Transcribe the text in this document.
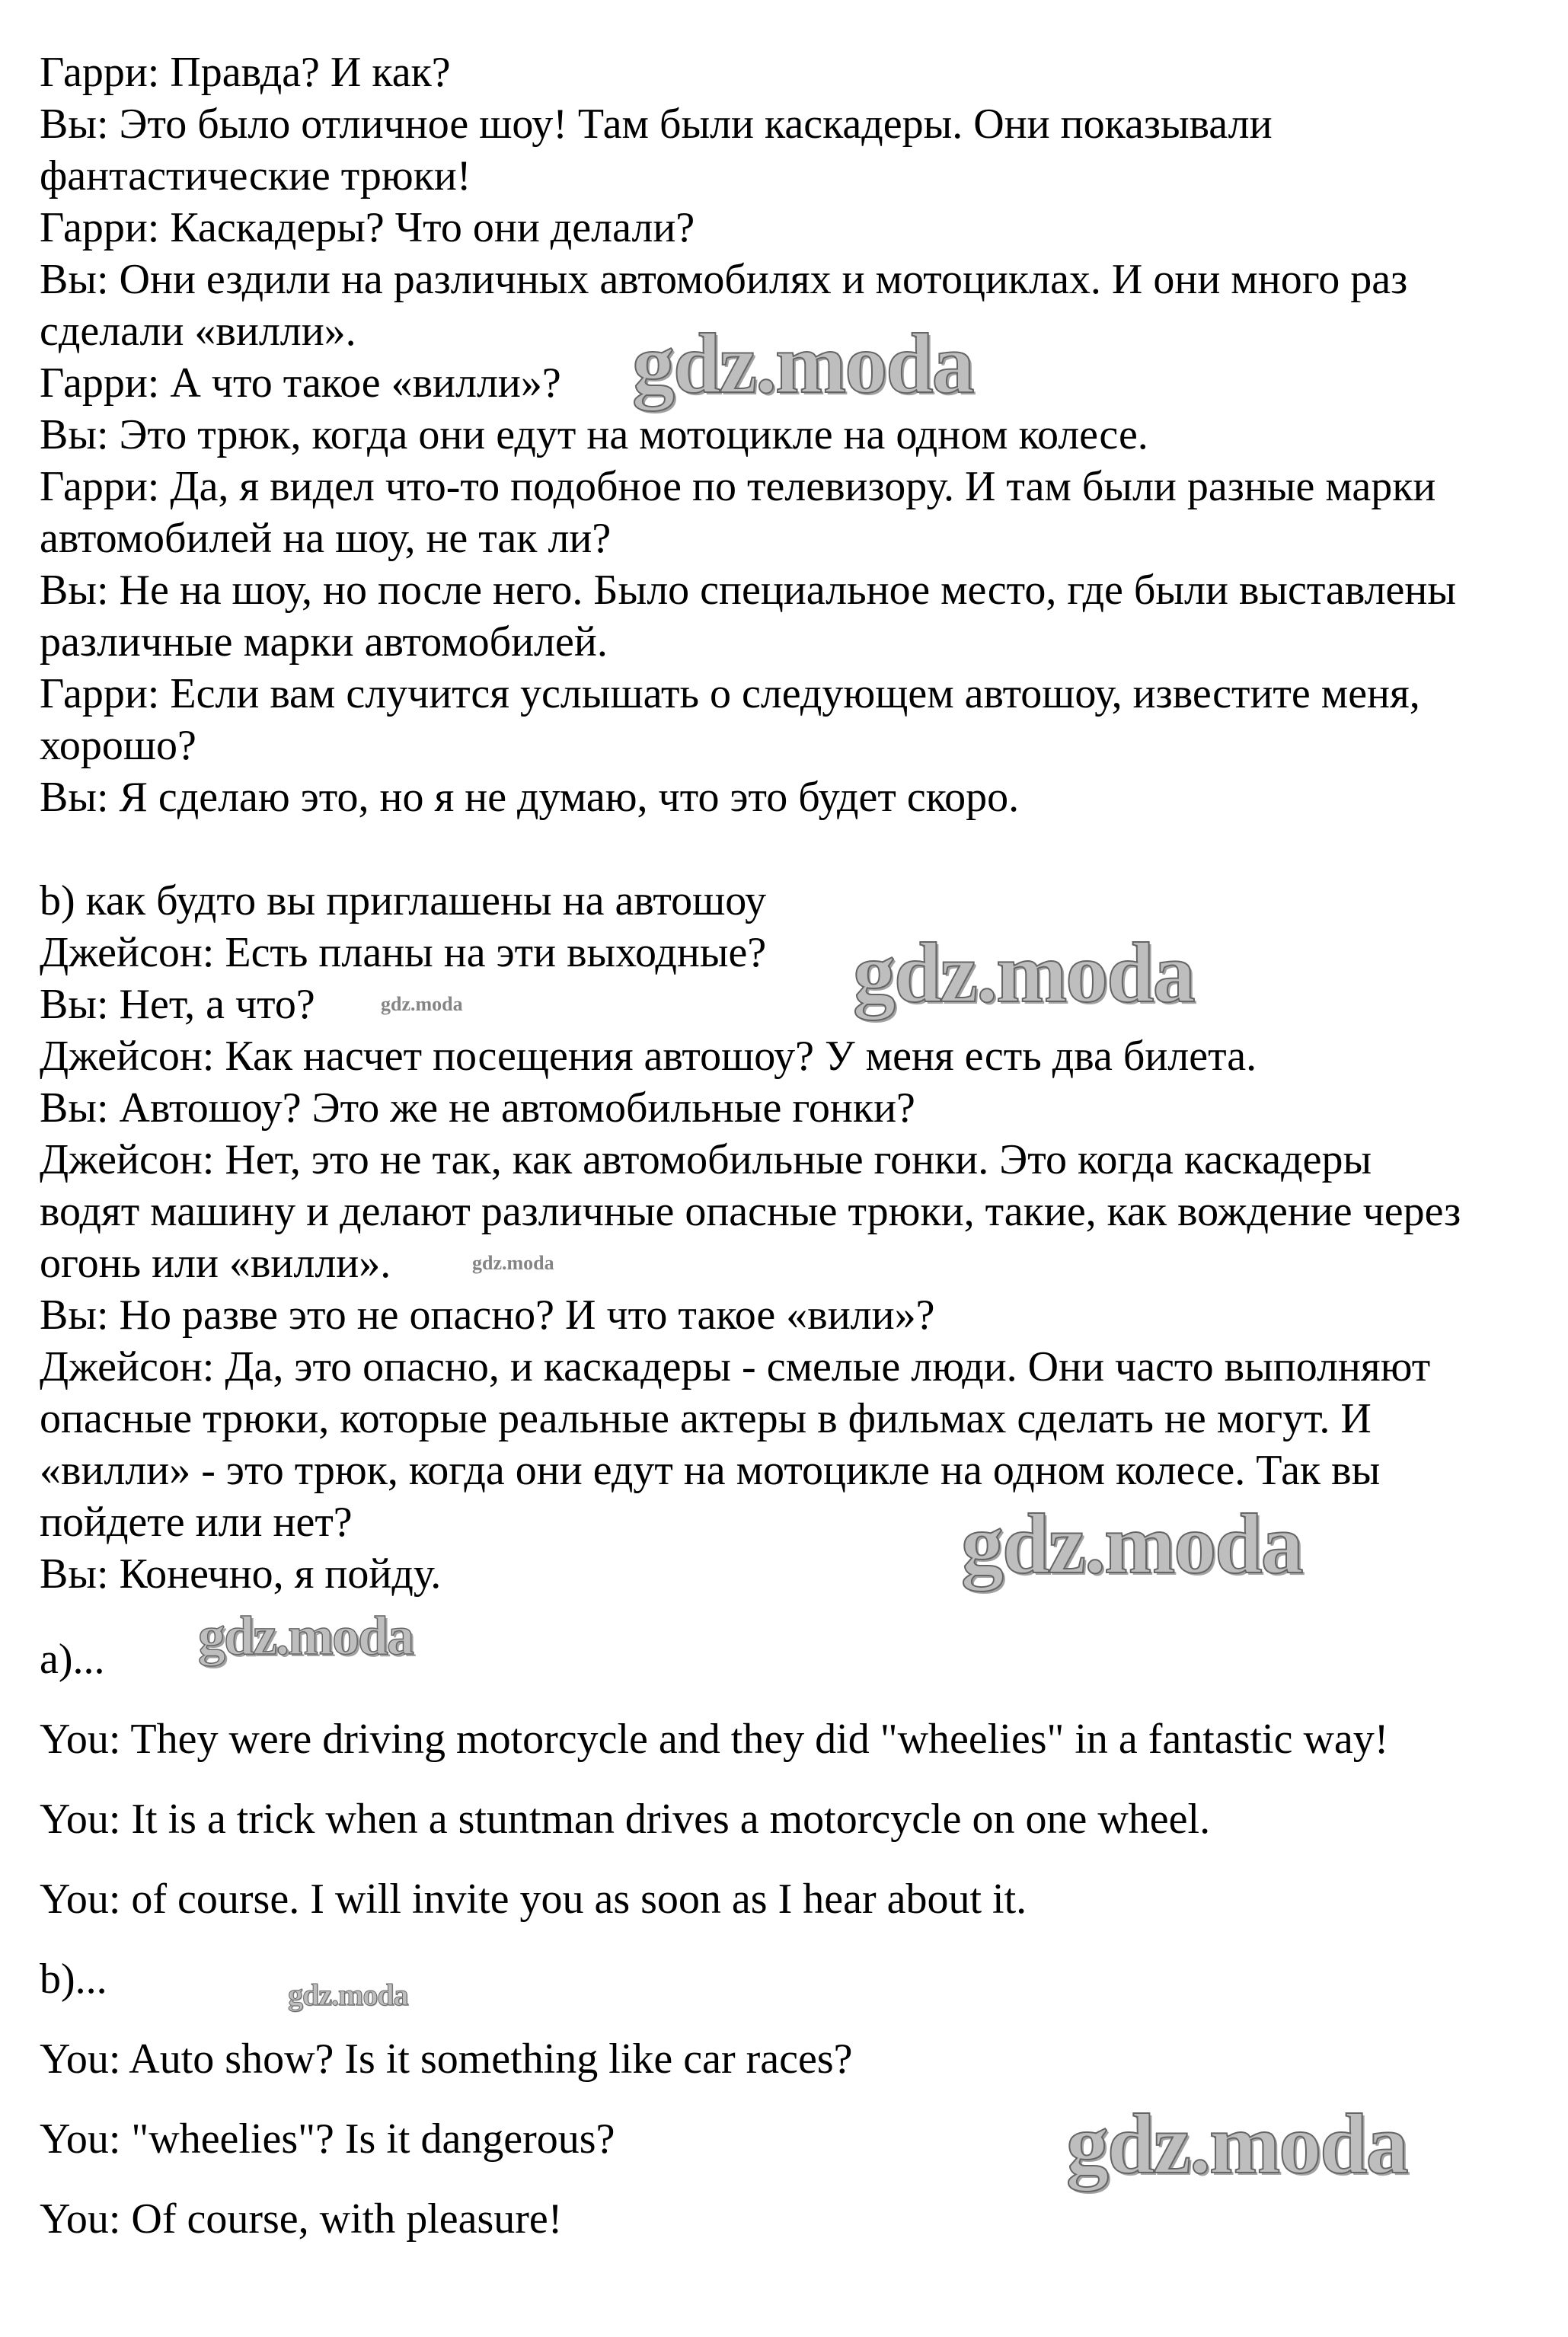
Гарри: Правда? И как?
Вы: Это было отличное шоу! Там были каскадеры. Они показывали
фантастические трюки!
Гарри: Каскадеры? Что они делали?
Вы: Они ездили на различных автомобилях и мотоциклах. И они много раз
сделали «вилли».
Гарри: А что такое «вилли»?
Вы: Это трюк, когда они едут на мотоцикле на одном колесе.
Гарри: Да, я видел что-то подобное по телевизору. И там были разные марки
автомобилей на шоу, не так ли?
Вы: Не на шоу, но после него. Было специальное место, где были выставлены
различные марки автомобилей.
Гарри: Если вам случится услышать о следующем автошоу, известите меня,
хорошо?
Вы: Я сделаю это, но я не думаю, что это будет скоро.
b) как будто вы приглашены на автошоу
Джейсон: Есть планы на эти выходные?
Вы: Нет, а что?
Джейсон: Как насчет посещения автошоу? У меня есть два билета.
Вы: Автошоу? Это же не автомобильные гонки?
Джейсон: Нет, это не так, как автомобильные гонки. Это когда каскадеры
водят машину и делают различные опасные трюки, такие, как вождение через
огонь или «вилли».
Вы: Но разве это не опасно? И что такое «вили»?
Джейсон: Да, это опасно, и каскадеры - смелые люди. Они часто выполняют
опасные трюки, которые реальные актеры в фильмах сделать не могут. И
«вилли» - это трюк, когда они едут на мотоцикле на одном колесе. Так вы
пойдете или нет?
Вы: Конечно, я пойду.
a)...
You: They were driving motorcycle and they did "wheelies" in a fantastic way!
You: It is a trick when a stuntman drives a motorcycle on one wheel.
You: of course. I will invite you as soon as I hear about it.
b)...
You: Auto show? Is it something like car races?
You: "wheelies"? Is it dangerous?
You: Of course, with pleasure!
gdz.moda
gdz.moda
gdz.moda
gdz.moda
gdz.moda
gdz.moda
gdz.moda
gdz.moda
